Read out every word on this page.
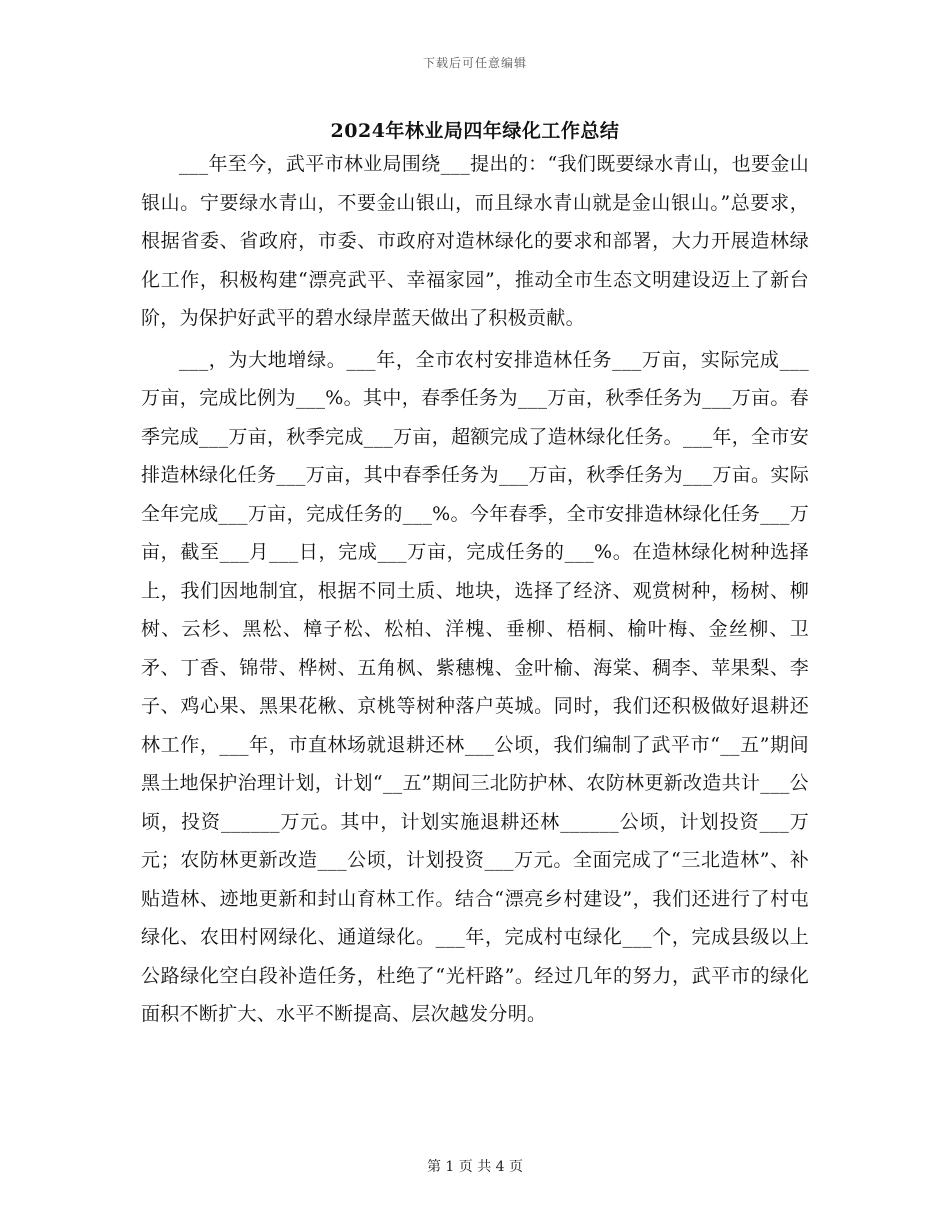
下载后可任意编辑
2024年林业局四年绿化工作总结

___年至今，武平市林业局围绕___提出的：“我们既要绿水青山，也要金山银山。宁要绿水青山，不要金山银山，而且绿水青山就是金山银山。”总要求，根据省委、省政府，市委、市政府对造林绿化的要求和部署，大力开展造林绿化工作，积极构建“漂亮武平、幸福家园”，推动全市生态文明建设迈上了新台阶，为保护好武平的碧水绿岸蓝天做出了积极贡献。

___，为大地增绿。___年，全市农村安排造林任务___万亩，实际完成___万亩，完成比例为___%。其中，春季任务为___万亩，秋季任务为___万亩。春季完成___万亩，秋季完成___万亩，超额完成了造林绿化任务。___年，全市安排造林绿化任务___万亩，其中春季任务为___万亩，秋季任务为___万亩。实际全年完成___万亩，完成任务的___%。今年春季，全市安排造林绿化任务___万亩，截至___月___日，完成___万亩，完成任务的___%。在造林绿化树种选择上，我们因地制宜，根据不同土质、地块，选择了经济、观赏树种，杨树、柳树、云杉、黑松、樟子松、松柏、洋槐、垂柳、梧桐、榆叶梅、金丝柳、卫矛、丁香、锦带、桦树、五角枫、紫穗槐、金叶榆、海棠、稠李、苹果梨、李子、鸡心果、黑果花楸、京桃等树种落户英城。同时，我们还积极做好退耕还林工作，___年，市直林场就退耕还林___公顷，我们编制了武平市“__五”期间黑土地保护治理计划，计划“__五”期间三北防护林、农防林更新改造共计___公顷，投资______万元。其中，计划实施退耕还林______公顷，计划投资___万元；农防林更新改造___公顷，计划投资___万元。全面完成了“三北造林”、补贴造林、迹地更新和封山育林工作。结合“漂亮乡村建设”，我们还进行了村屯绿化、农田村网绿化、通道绿化。___年，完成村屯绿化___个，完成县级以上公路绿化空白段补造任务，杜绝了“光杆路”。经过几年的努力，武平市的绿化面积不断扩大、水平不断提高、层次越发分明。

第 1 页 共 4 页
